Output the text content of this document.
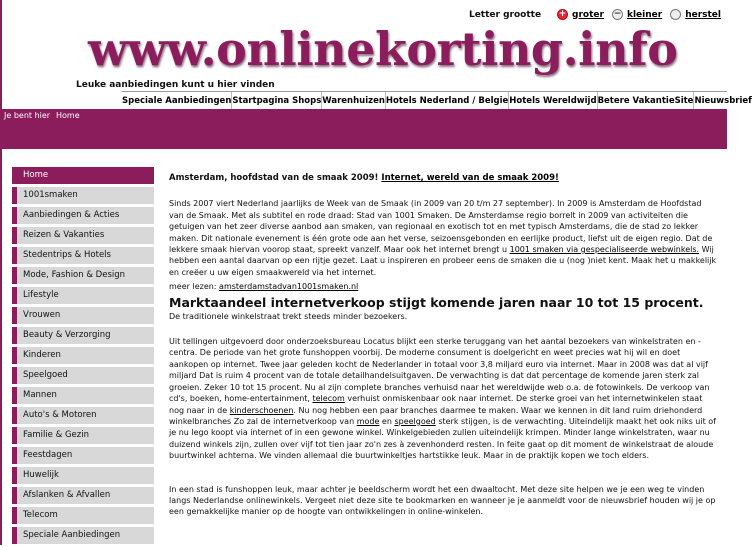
Letter grootte + groter − kleiner	herstel
www.onlinekorting.info
Leuke aanbiedingen kunt u hier vinden
Speciale Aanbiedingen Startpagina Shops Warenhuizen Hotels Nederland / Belgie Hotels Wereldwijd Betere VakantieSite Nieuwsbrief
Je bent hier Home
Home
1001smaken
Aanbiedingen & Acties
Reizen & Vakanties
Stedentrips & Hotels
Mode, Fashion & Design
Lifestyle
Vrouwen
Beauty & Verzorging
Kinderen
Speelgoed
Mannen
Auto's & Motoren
Familie & Gezin
Feestdagen
Huwelijk
Afslanken & Afvallen
Telecom
Speciale Aanbiedingen

Amsterdam, hoofdstad van de smaak 2009! Internet, wereld van de smaak 2009!

Sinds 2007 viert Nederland jaarlijks de Week van de Smaak (in 2009 van 20 t/m 27 september). In 2009 is Amsterdam de Hoofdstad van de Smaak. Met als subtitel en rode draad: Stad van 1001 Smaken. De Amsterdamse regio borrelt in 2009 van activiteiten die getuigen van het zeer diverse aanbod aan smaken, van regionaal en exotisch tot en met typisch Amsterdams, die de stad zo lekker maken. Dit nationale evenement is één grote ode aan het verse, seizoensgebonden en eerlijke product, liefst uit de eigen regio. Dat de lekkere smaak hiervan voorop staat, spreekt vanzelf. Maar ook het internet brengt u 1001 smaken via gespecialiseerde webwinkels. Wij hebben een aantal daarvan op een rijtje gezet. Laat u inspireren en probeer eens de smaken die u (nog )niet kent. Maak het u makkelijk en creëer u uw eigen smaakwereld via het internet.

meer lezen: amsterdamstadvan1001smaken.nl

Marktaandeel internetverkoop stijgt komende jaren naar 10 tot 15 procent.

De traditionele winkelstraat trekt steeds minder bezoekers.

Uit tellingen uitgevoerd door onderzoeksbureau Locatus blijkt een sterke teruggang van het aantal bezoekers van winkelstraten en -centra. De periode van het grote funshoppen voorbij. De moderne consument is doelgericht en weet precies wat hij wil en doet aankopen op internet. Twee jaar geleden kocht de Nederlander in totaal voor 3,8 miljard euro via internet. Maar in 2008 was dat al vijf miljard Dat is ruim 4 procent van de totale detailhandelsuitgaven. De verwachting is dat dat percentage de komende jaren sterk zal groeien. Zeker 10 tot 15 procent. Nu al zijn complete branches verhuisd naar het wereldwijde web o.a. de fotowinkels. De verkoop van cd's, boeken, home-entertainment, telecom verhuist onmiskenbaar ook naar internet. De sterke groei van het internetwinkelen staat nog naar in de kinderschoenen. Nu nog hebben een paar branches daarmee te maken. Waar we kennen in dit land ruim driehonderd winkelbranches Zo zal de internetverkoop van mode en speelgoed sterk stijgen, is de verwachting. Uiteindelijk maakt het ook niks uit of je nu lego koopt via internet of in een gewone winkel. Winkelgebieden zullen uiteindelijk krimpen. Minder lange winkelstraten, waar nu duizend winkels zijn, zullen over vijf tot tien jaar zo'n zes à zevenhonderd resten. In feite gaat op dit moment de winkelstraat de aloude buurtwinkel achterna. We vinden allemaal die buurtwinkeltjes hartstikke leuk. Maar in de praktijk kopen we toch elders.

In een stad is funshoppen leuk, maar achter je beeldscherm wordt het een dwaaltocht. Met deze site helpen we je een weg te vinden langs Nederlandse onlinewinkels. Vergeet niet deze site te bookmarken en wanneer je je aanmeldt voor de nieuwsbrief houden wij je op een gemakkelijke manier op de hoogte van ontwikkelingen in online-winkelen.
